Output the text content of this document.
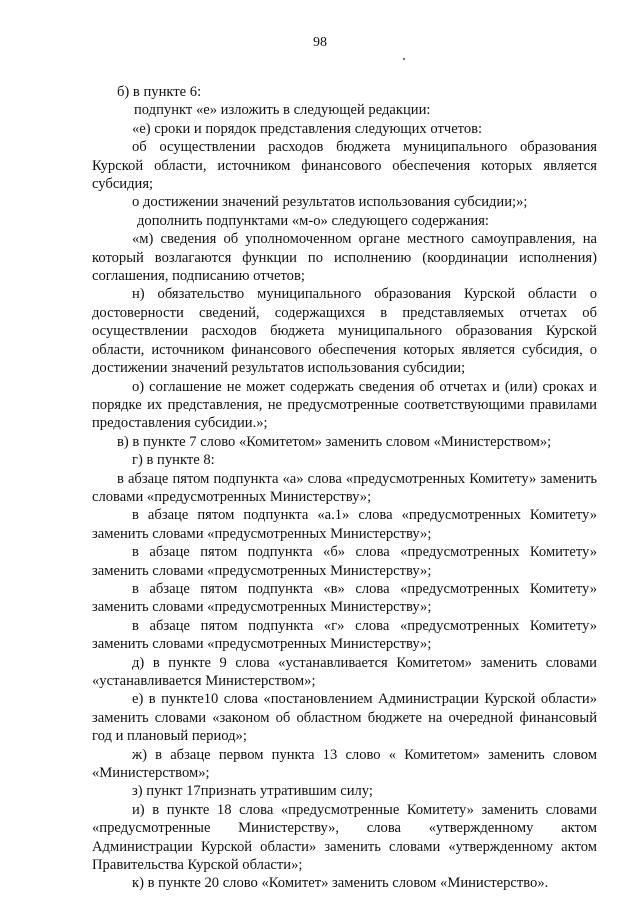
98

б) в пункте 6:

подпункт «е» изложить в следующей редакции:

«е) сроки и порядок представления следующих отчетов:

об осуществлении расходов бюджета муниципального образования Курской области, источником финансового обеспечения которых является субсидия;

о достижении значений результатов использования субсидии;»;

дополнить подпунктами «м-о» следующего содержания:

«м) сведения об уполномоченном органе местного самоуправления, на который возлагаются функции по исполнению (координации исполнения) соглашения, подписанию отчетов;

н) обязательство муниципального образования Курской области о достоверности сведений, содержащихся в представляемых отчетах об осуществлении расходов бюджета муниципального образования Курской области, источником финансового обеспечения которых является субсидия, о достижении значений результатов использования субсидии;

о) соглашение не может содержать сведения об отчетах и (или) сроках и порядке их представления, не предусмотренные соответствующими правилами предоставления субсидии.»;

в) в пункте 7 слово «Комитетом» заменить словом «Министерством»;

г) в пункте 8:

в абзаце пятом подпункта «а» слова «предусмотренных Комитету» заменить словами «предусмотренных Министерству»;

в абзаце пятом подпункта «а.1» слова «предусмотренных Комитету» заменить словами «предусмотренных Министерству»;

в абзаце пятом подпункта «б» слова «предусмотренных Комитету» заменить словами «предусмотренных Министерству»;

в абзаце пятом подпункта «в» слова «предусмотренных Комитету» заменить словами «предусмотренных Министерству»;

в абзаце пятом подпункта «г» слова «предусмотренных Комитету» заменить словами «предусмотренных Министерству»;

д) в пункте 9 слова «устанавливается Комитетом» заменить словами «устанавливается Министерством»;

е) в пункте10 слова «постановлением Администрации Курской области» заменить словами «законом об областном бюджете на очередной финансовый год и плановый период»;

ж) в абзаце первом пункта 13 слово « Комитетом» заменить словом «Министерством»;

з) пункт 17признать утратившим силу;

и) в пункте 18 слова «предусмотренные Комитету» заменить словами «предусмотренные Министерству», слова «утвержденному актом Администрации Курской области» заменить словами «утвержденному актом Правительства Курской области»;

к) в пункте 20 слово «Комитет» заменить словом «Министерство».
